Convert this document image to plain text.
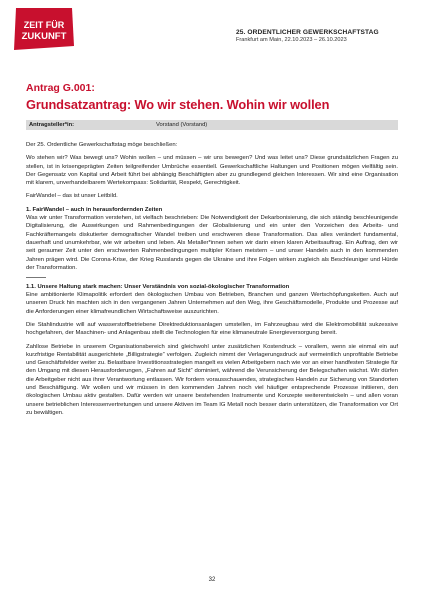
ZEIT FÜR
ZUKUNFT	25. ORDENTLICHER GEWERKSCHAFTSTAG
Frankfurt am Main, 22.10.2023 – 26.10.2023
Antrag G.001:
Grundsatzantrag: Wo wir stehen. Wohin wir wollen
Antragsteller*in:	Vorstand (Vorstand)

Der 25. Ordentliche Gewerkschaftstag möge beschließen:

Wo stehen wir? Was bewegt uns? Wohin wollen – und müssen – wir uns bewegen? Und was leitet uns? Diese grundsätzlichen Fragen zu stellen, ist in krisengeprägten Zeiten teilgreifender Umbrüche essentiell. Gewerkschaftliche Haltungen und Positionen mögen vielfältig sein. Der Gegensatz von Kapital und Arbeit führt bei abhängig Beschäftigten aber zu grundlegend gleichen Interessen. Wir sind eine Organisation mit klarem, unverhandelbarem Wertekompass: Solidarität, Respekt, Gerechtigkeit.

FairWandel – das ist unser Leitbild.

1. FairWandel – auch in herausfordernden Zeiten

Was wir unter Transformation verstehen, ist vielfach beschrieben: Die Notwendigkeit der Dekarbonisierung, die sich ständig beschleunigende Digitalisierung, die Auswirkungen und Rahmenbedingungen der Globalisierung und ein unter den Vorzeichen des Arbeits- und Fachkräftemangels diskutierter demografischer Wandel treiben und erschweren diese Transformation. Das alles verändert fundamental, dauerhaft und unumkehrbar, wie wir arbeiten und leben. Als Metaller*innen sehen wir darin einen klaren Arbeitsauftrag. Ein Auftrag, den wir seit geraumer Zeit unter den erschwerten Rahmenbedingungen multipler Krisen meistern – und unser Handeln auch in den kommenden Jahren prägen wird. Die Corona-Krise, der Krieg Russlands gegen die Ukraine und ihre Folgen wirken zugleich als Beschleuniger und Hürde der Transformation.

1.1. Unsere Haltung stark machen: Unser Verständnis von sozial-ökologischer Transformation

Eine ambitionierte Klimapolitik erfordert den ökologischen Umbau von Betrieben, Branchen und ganzen Wertschöpfungsketten. Auch auf unseren Druck hin machten sich in den vergangenen Jahren Unternehmen auf den Weg, ihre Geschäftsmodelle, Produkte und Prozesse auf die Anforderungen einer klimafreundlichen Wirtschaftsweise auszurichten.

Die Stahlindustrie will auf wasserstoffbetriebene Direktreduktionsanlagen umstellen, im Fahrzeugbau wird die Elektromobilität sukzessive hochgefahren, der Maschinen- und Anlagenbau stellt die Technologien für eine klimaneutrale Energieversorgung bereit.

Zahllose Betriebe in unserem Organisationsbereich sind gleichwohl unter zusätzlichen Kostendruck – vorallem, wenn sie einmal ein auf kurzfristige Rentabilität ausgerichtete „Billigstrategie“ verfolgen. Zugleich nimmt der Verlagerungsdruck auf vermeintlich unprofitable Betriebe und Geschäftsfelder weiter zu. Belastbare Investitionsstrategien mangelt es vielen Arbeitgebern nach wie vor an einer handfesten Strategie für den Umgang mit diesen Herausforderungen, „Fahren auf Sicht“ dominiert, während die Verunsicherung der Belegschaften wächst. Wir dürfen die Arbeitgeber nicht aus ihrer Verantwortung entlassen. Wir fordern vorausschauendes, strategisches Handeln zur Sicherung von Standorten und Beschäftigung. Wir wollen und wir müssen in den kommenden Jahren noch viel häufiger entsprechende Prozesse initiieren, den ökologischen Umbau aktiv gestalten. Dafür werden wir unsere bestehenden Instrumente und Konzepte weiterentwickeln – und allen voran unsere betrieblichen Interessenvertretungen und unsere Aktiven im Team IG Metall noch besser darin unterstützen, die Transformation vor Ort zu bewältigen.

32
